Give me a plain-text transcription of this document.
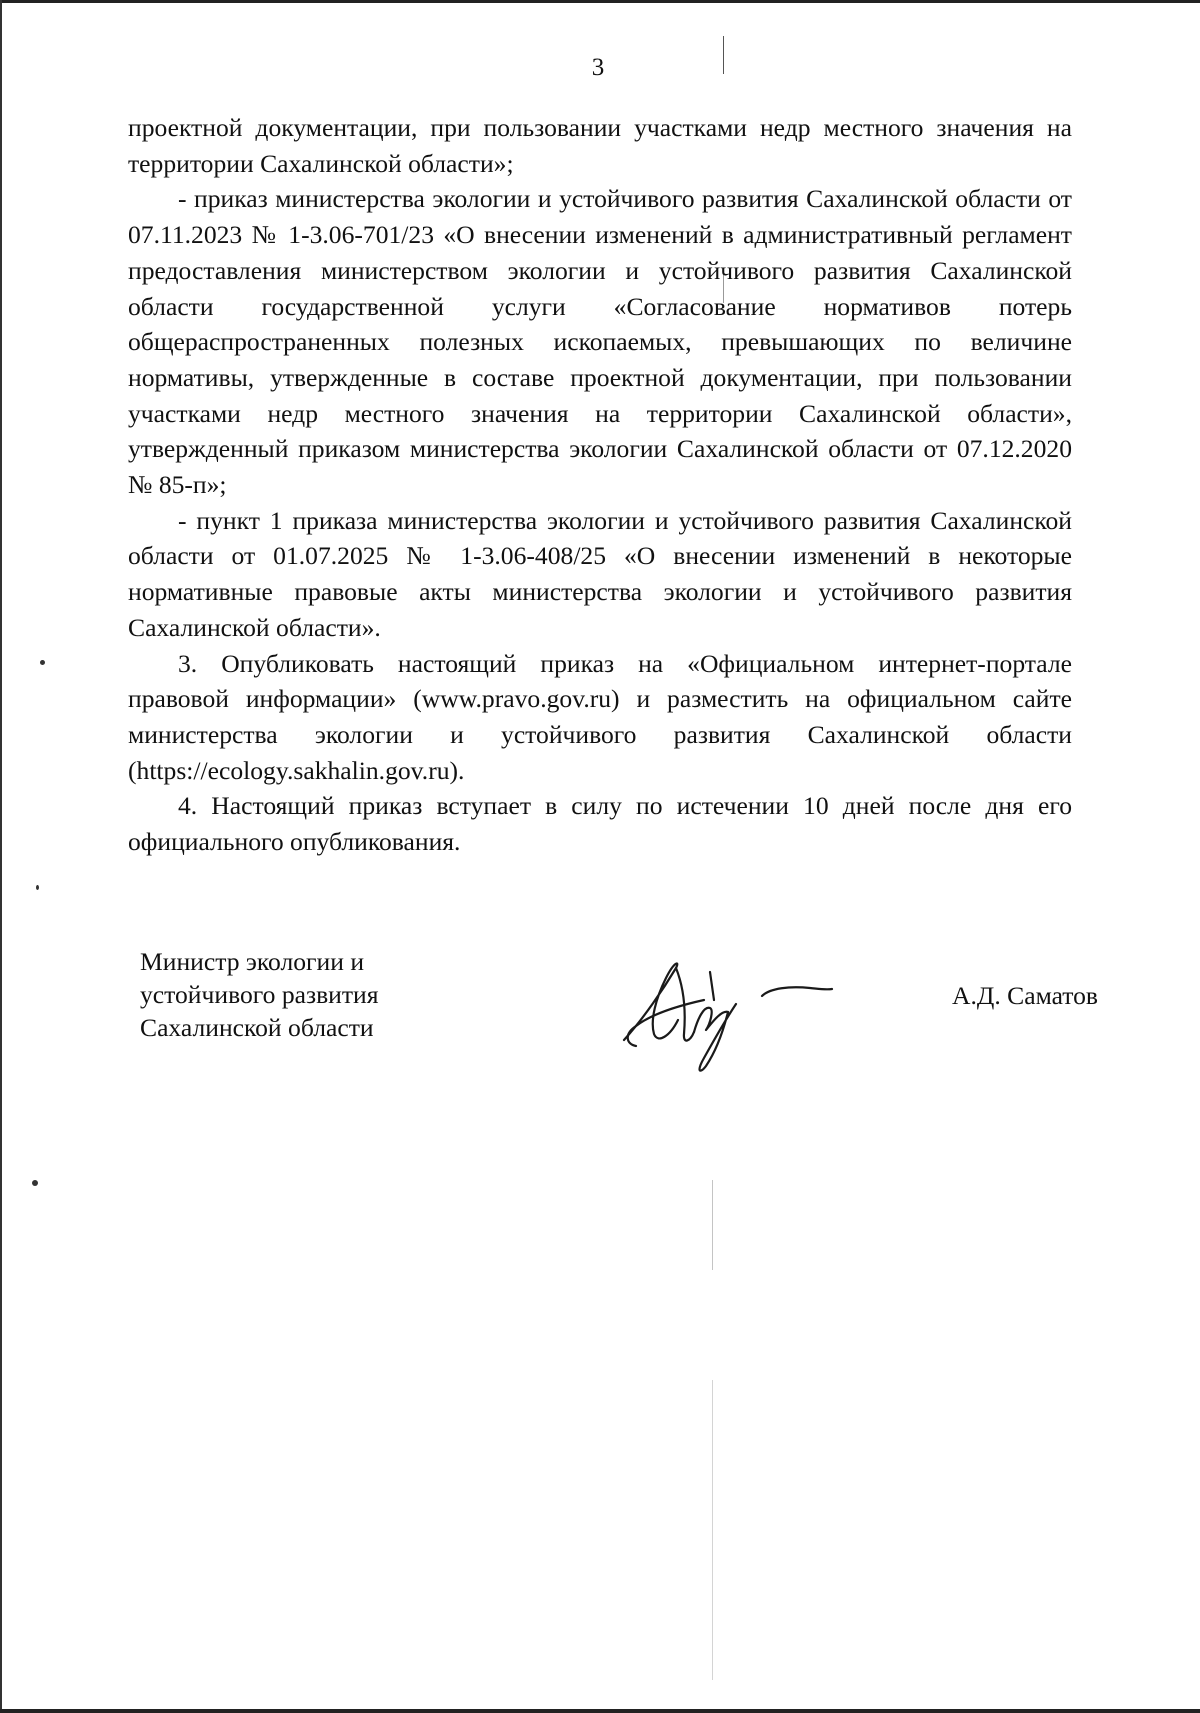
3

проектной документации, при пользовании участками недр местного значения на территории Сахалинской области»;

- приказ министерства экологии и устойчивого развития Сахалинской области от 07.11.2023 № 1-3.06-701/23 «О внесении изменений в административный регламент предоставления министерством экологии и устойчивого развития Сахалинской области государственной услуги «Согласование нормативов потерь общераспространенных полезных ископаемых, превышающих по величине нормативы, утвержденные в составе проектной документации, при пользовании участками недр местного значения на территории Сахалинской области», утвержденный приказом министерства экологии Сахалинской области от 07.12.2020 № 85-п»;

- пункт 1 приказа министерства экологии и устойчивого развития Сахалинской области от 01.07.2025 № 1-3.06-408/25 «О внесении изменений в некоторые нормативные правовые акты министерства экологии и устойчивого развития Сахалинской области».

3. Опубликовать настоящий приказ на «Официальном интернет-портале правовой информации» (www.pravo.gov.ru) и разместить на официальном сайте министерства экологии и устойчивого развития Сахалинской области (https://ecology.sakhalin.gov.ru).

4. Настоящий приказ вступает в силу по истечении 10 дней после дня его официального опубликования.

Министр экологии и
устойчивого развития
Сахалинской области
А.Д. Саматов
